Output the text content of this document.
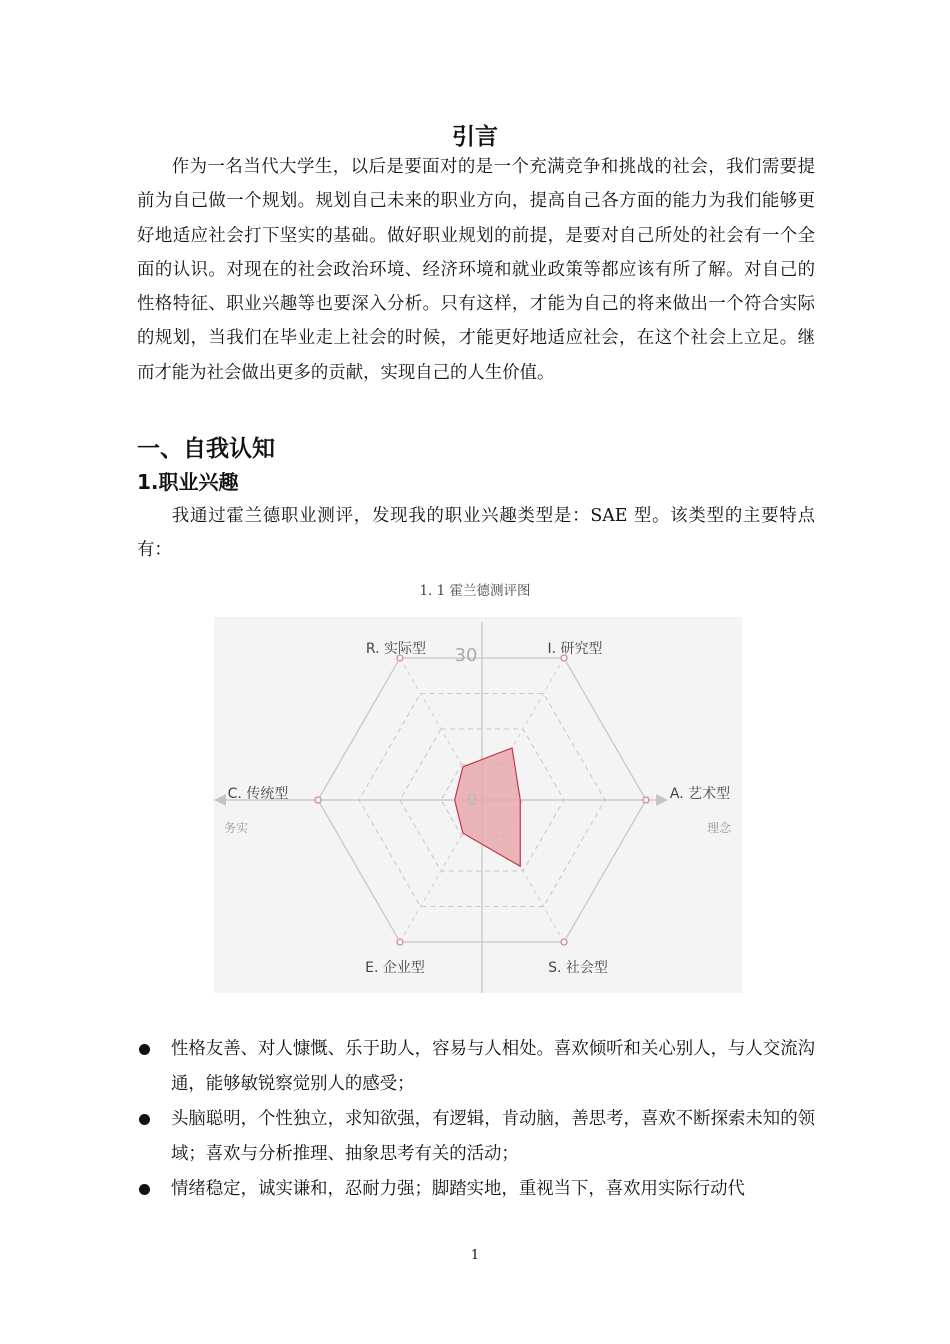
引言

作为一名当代大学生，以后是要面对的是一个充满竞争和挑战的社会，我们需要提前为自己做一个规划。规划自己未来的职业方向，提高自己各方面的能力为我们能够更好地适应社会打下坚实的基础。做好职业规划的前提，是要对自己所处的社会有一个全面的认识。对现在的社会政治环境、经济环境和就业政策等都应该有所了解。对自己的性格特征、职业兴趣等也要深入分析。只有这样，才能为自己的将来做出一个符合实际的规划，当我们在毕业走上社会的时候，才能更好地适应社会，在这个社会上立足。继而才能为社会做出更多的贡献，实现自己的人生价值。

一、自我认知
1.职业兴趣

我通过霍兰德职业测评，发现我的职业兴趣类型是：SAE 型。该类型的主要特点有：

1. 1 霍兰德测评图
R. 实际型	I. 研究型
A. 艺术型
S. 社会型
E. 企业型
C. 传统型
30
0
务实	理念
性格友善、对人慷慨、乐于助人，容易与人相处。喜欢倾听和关心别人，与人交流沟通，能够敏锐察觉别人的感受；
头脑聪明，个性独立，求知欲强，有逻辑，肯动脑，善思考，喜欢不断探索未知的领域；喜欢与分析推理、抽象思考有关的活动；
情绪稳定，诚实谦和，忍耐力强；脚踏实地，重视当下，喜欢用实际行动代
1
